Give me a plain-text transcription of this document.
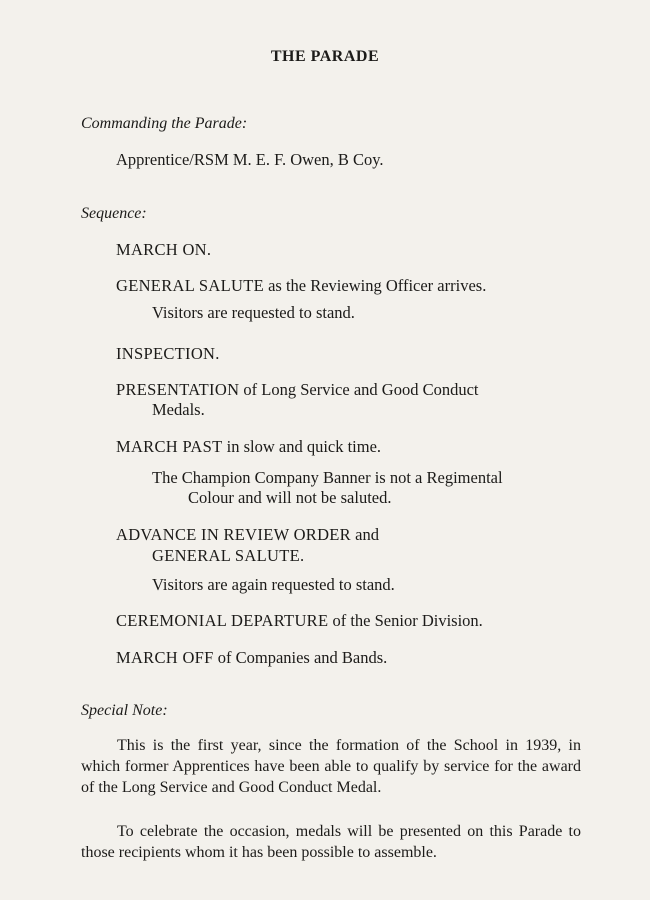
THE PARADE
Commanding the Parade:
Apprentice/RSM M. E. F. Owen, B Coy.
Sequence:
MARCH ON.
GENERAL SALUTE as the Reviewing Officer arrives.
Visitors are requested to stand.
INSPECTION.
PRESENTATION of Long Service and Good Conduct
Medals.
MARCH PAST in slow and quick time.
The Champion Company Banner is not a Regimental
Colour and will not be saluted.
ADVANCE IN REVIEW ORDER and
GENERAL SALUTE.
Visitors are again requested to stand.
CEREMONIAL DEPARTURE of the Senior Division.
MARCH OFF of Companies and Bands.
Special Note:
This is the first year, since the formation of the School in 1939, in which former Apprentices have been able to qualify by service for the award of the Long Service and Good Conduct Medal.
To celebrate the occasion, medals will be presented on this Parade to those recipients whom it has been possible to assemble.
